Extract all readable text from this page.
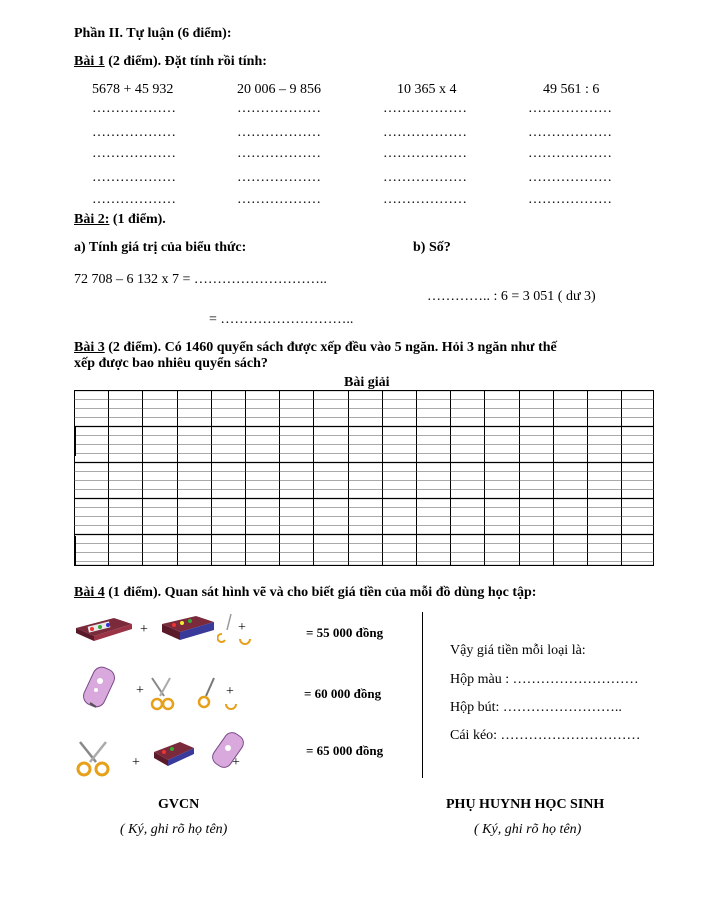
Phần II. Tự luận (6 điểm):
Bài 1 (2 điểm). Đặt tính rồi tính:
5678 + 45 932	20 006 – 9 856	10 365 x 4	49 561 : 6
………………	………………	………………	………………
………………	………………	………………	………………
………………	………………	………………	………………
………………	………………	………………	………………
………………	………………	………………	………………
Bài 2: (1 điểm).
a) Tính giá trị của biểu thức:	b) Số?
72 708 – 6 132 x 7 = ………………………..
………….. : 6 = 3 051 ( dư 3)
= ………………………..
Bài 3 (2 điểm). Có 1460 quyển sách được xếp đều vào 5 ngăn. Hỏi 3 ngăn như thế
xếp được bao nhiêu quyển sách?
Bài giải
Bài 4 (1 điểm). Quan sát hình vẽ và cho biết giá tiền của mỗi đồ dùng học tập:
+	+	= 55 000 đồng
+	+	= 60 000 đồng
+	+
= 65 000 đồng
Vậy giá tiền mỗi loại là:
Hộp màu : ………………………
Hộp bút: ……………………..
Cái kéo: …………………………
GVCN
( Ký, ghi rõ họ tên)
PHỤ HUYNH HỌC SINH
( Ký, ghi rõ họ tên)
